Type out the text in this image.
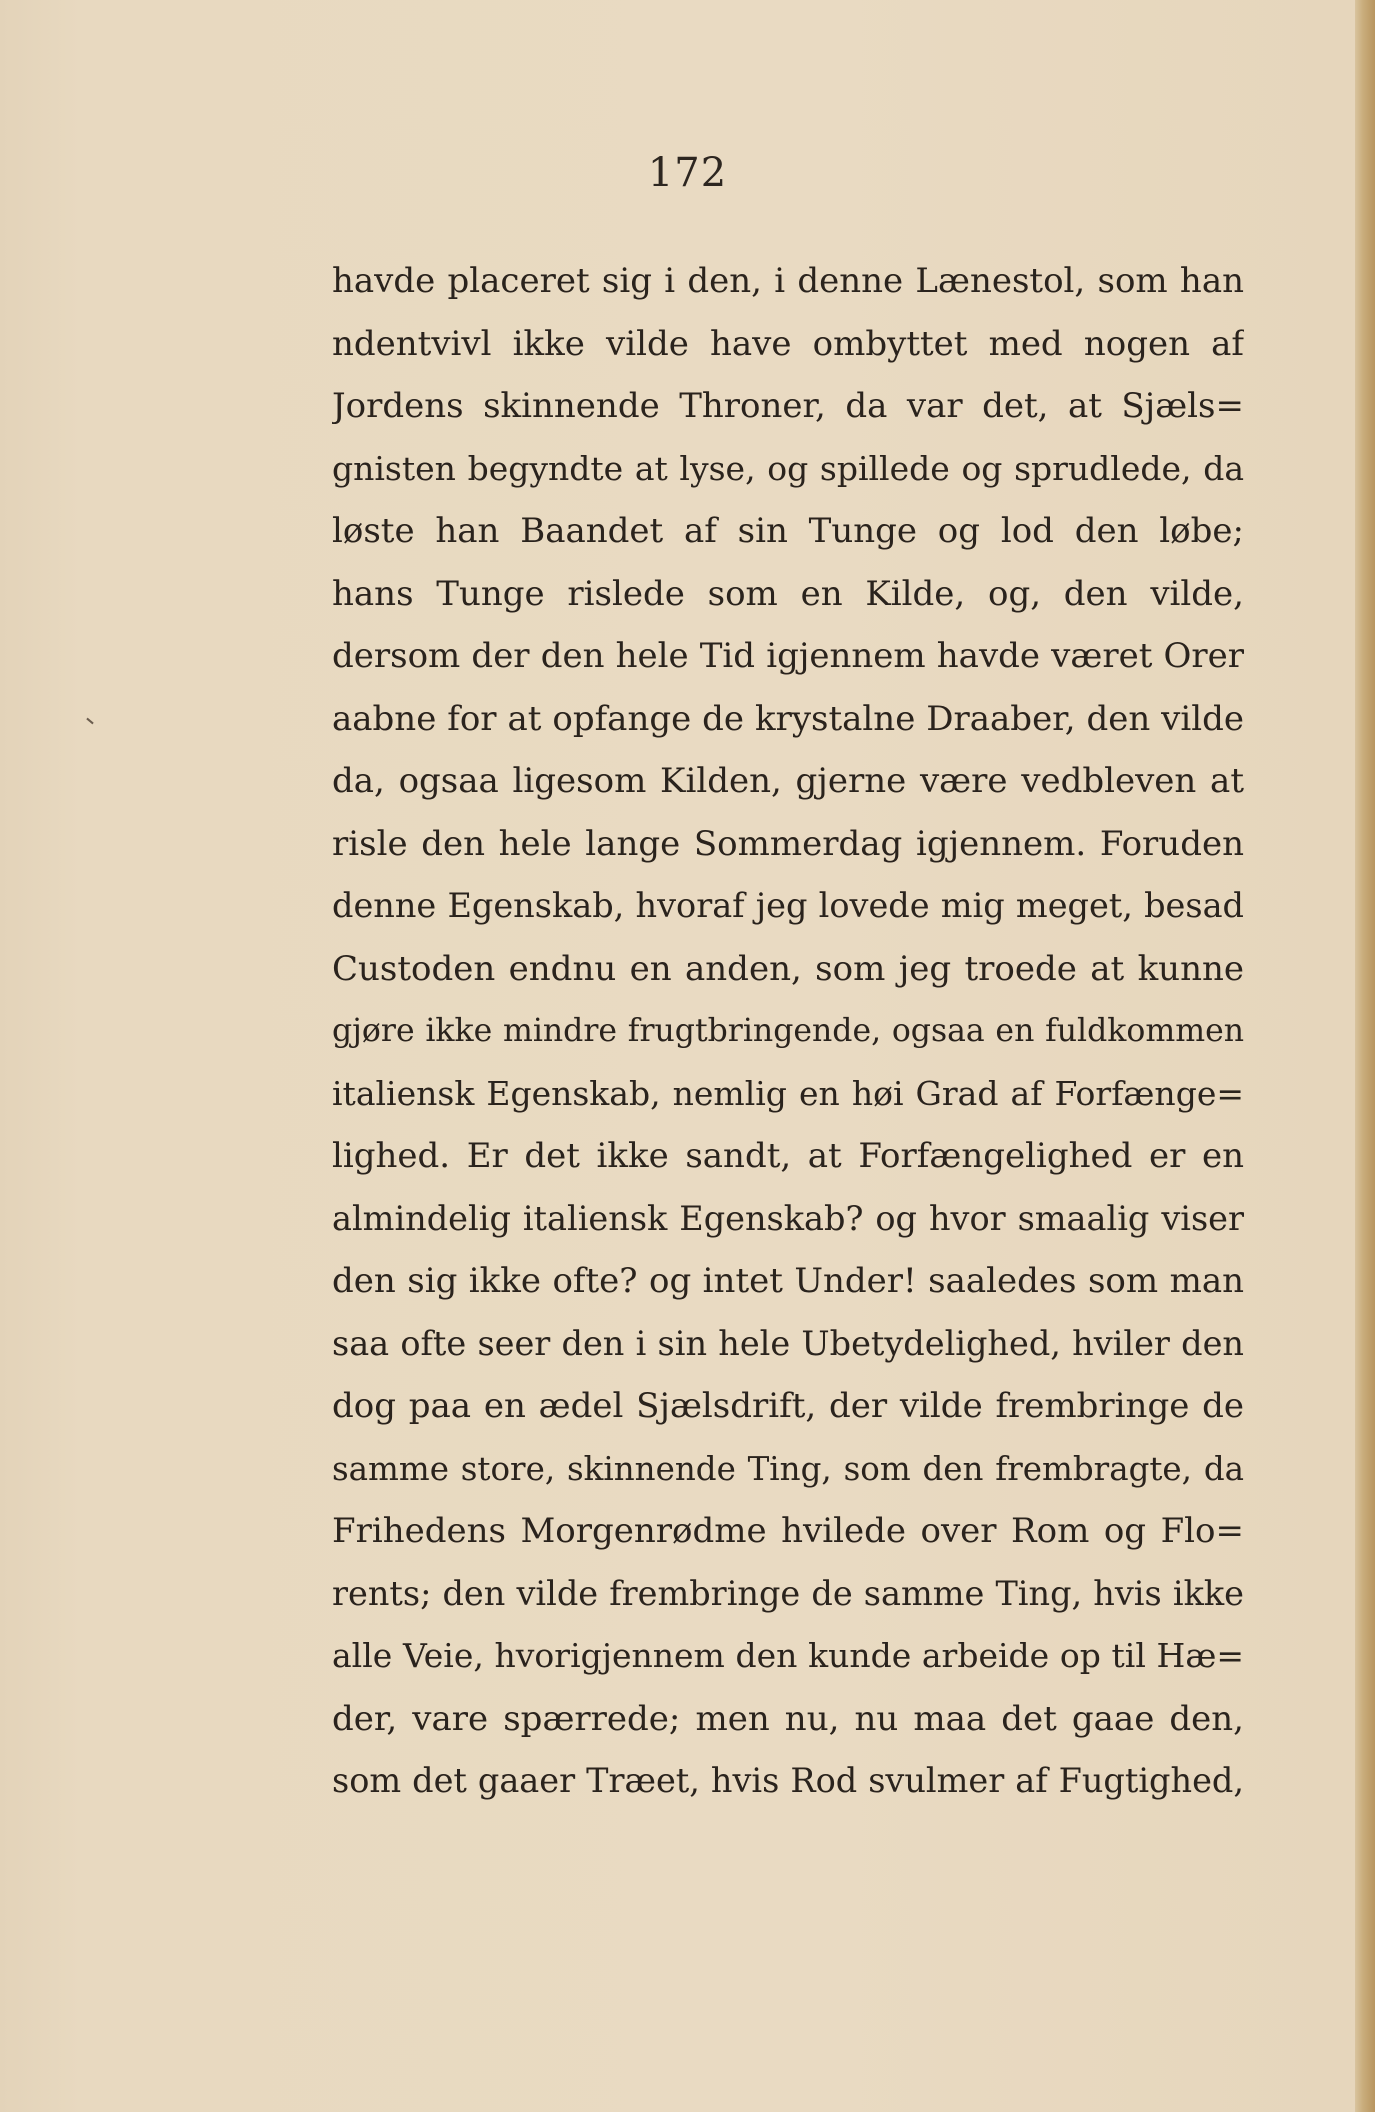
172
havde placeret sig i den, i denne Lænestol, som han
ndentvivl ikke vilde have ombyttet med nogen af
Jordens skinnende Throner, da var det, at Sjæls=
gnisten begyndte at lyse, og spillede og sprudlede, da
løste han Baandet af sin Tunge og lod den løbe;
hans Tunge rislede som en Kilde, og, den vilde,
dersom der den hele Tid igjennem havde været Orer
aabne for at opfange de krystalne Draaber, den vilde
da, ogsaa ligesom Kilden, gjerne være vedbleven at
risle den hele lange Sommerdag igjennem. Foruden
denne Egenskab, hvoraf jeg lovede mig meget, besad
Custoden endnu en anden, som jeg troede at kunne
gjøre ikke mindre frugtbringende, ogsaa en fuldkommen
italiensk Egenskab, nemlig en høi Grad af Forfænge=
lighed. Er det ikke sandt, at Forfængelighed er en
almindelig italiensk Egenskab? og hvor smaalig viser
den sig ikke ofte? og intet Under! saaledes som man
saa ofte seer den i sin hele Ubetydelighed, hviler den
dog paa en ædel Sjælsdrift, der vilde frembringe de
samme store, skinnende Ting, som den frembragte, da
Frihedens Morgenrødme hvilede over Rom og Flo=
rents; den vilde frembringe de samme Ting, hvis ikke
alle Veie, hvorigjennem den kunde arbeide op til Hæ=
der, vare spærrede; men nu, nu maa det gaae den,
som det gaaer Træet, hvis Rod svulmer af Fugtighed,
